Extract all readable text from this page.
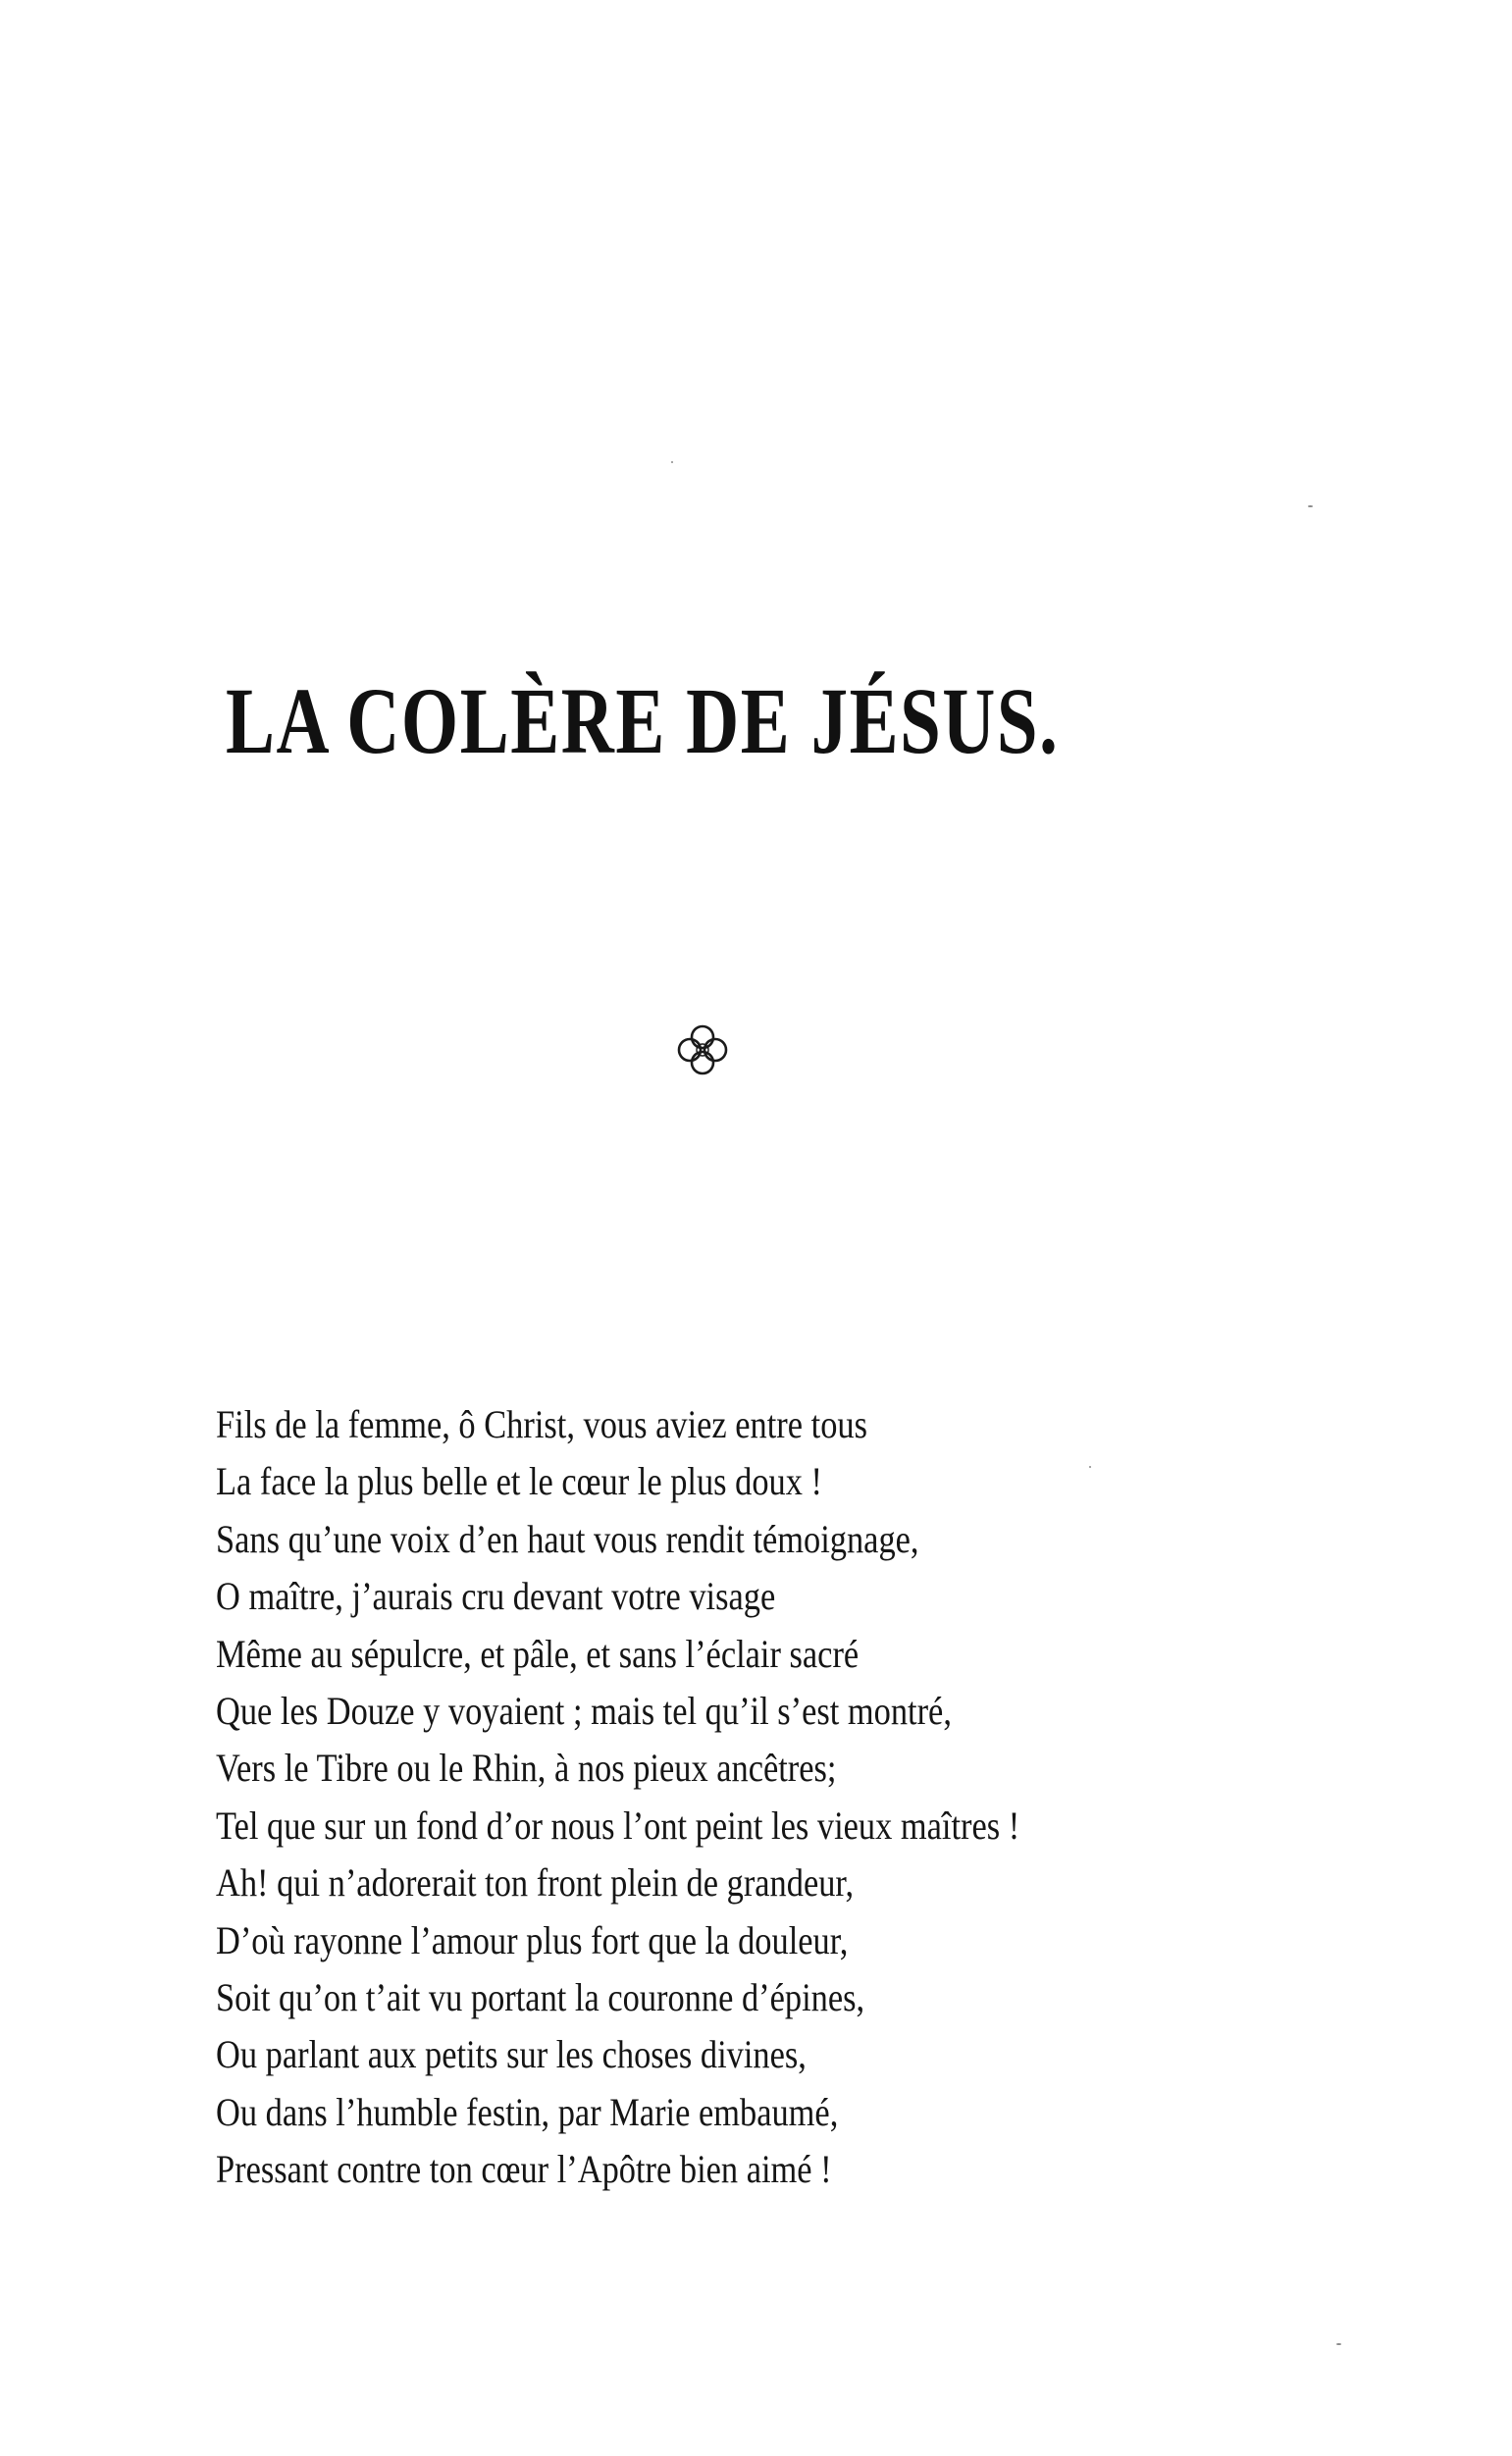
LA COLÈRE DE JÉSUS.
Fils de la femme, ô Christ, vous aviez entre tous
La face la plus belle et le cœur le plus doux !
Sans qu’une voix d’en haut vous rendit témoignage,
O maître, j’aurais cru devant votre visage
Même au sépulcre, et pâle, et sans l’éclair sacré
Que les Douze y voyaient ; mais tel qu’il s’est montré,
Vers le Tibre ou le Rhin, à nos pieux ancêtres;
Tel que sur un fond d’or nous l’ont peint les vieux maîtres !
Ah! qui n’adorerait ton front plein de grandeur,
D’où rayonne l’amour plus fort que la douleur,
Soit qu’on t’ait vu portant la couronne d’épines,
Ou parlant aux petits sur les choses divines,
Ou dans l’humble festin, par Marie embaumé,
Pressant contre ton cœur l’Apôtre bien aimé !
